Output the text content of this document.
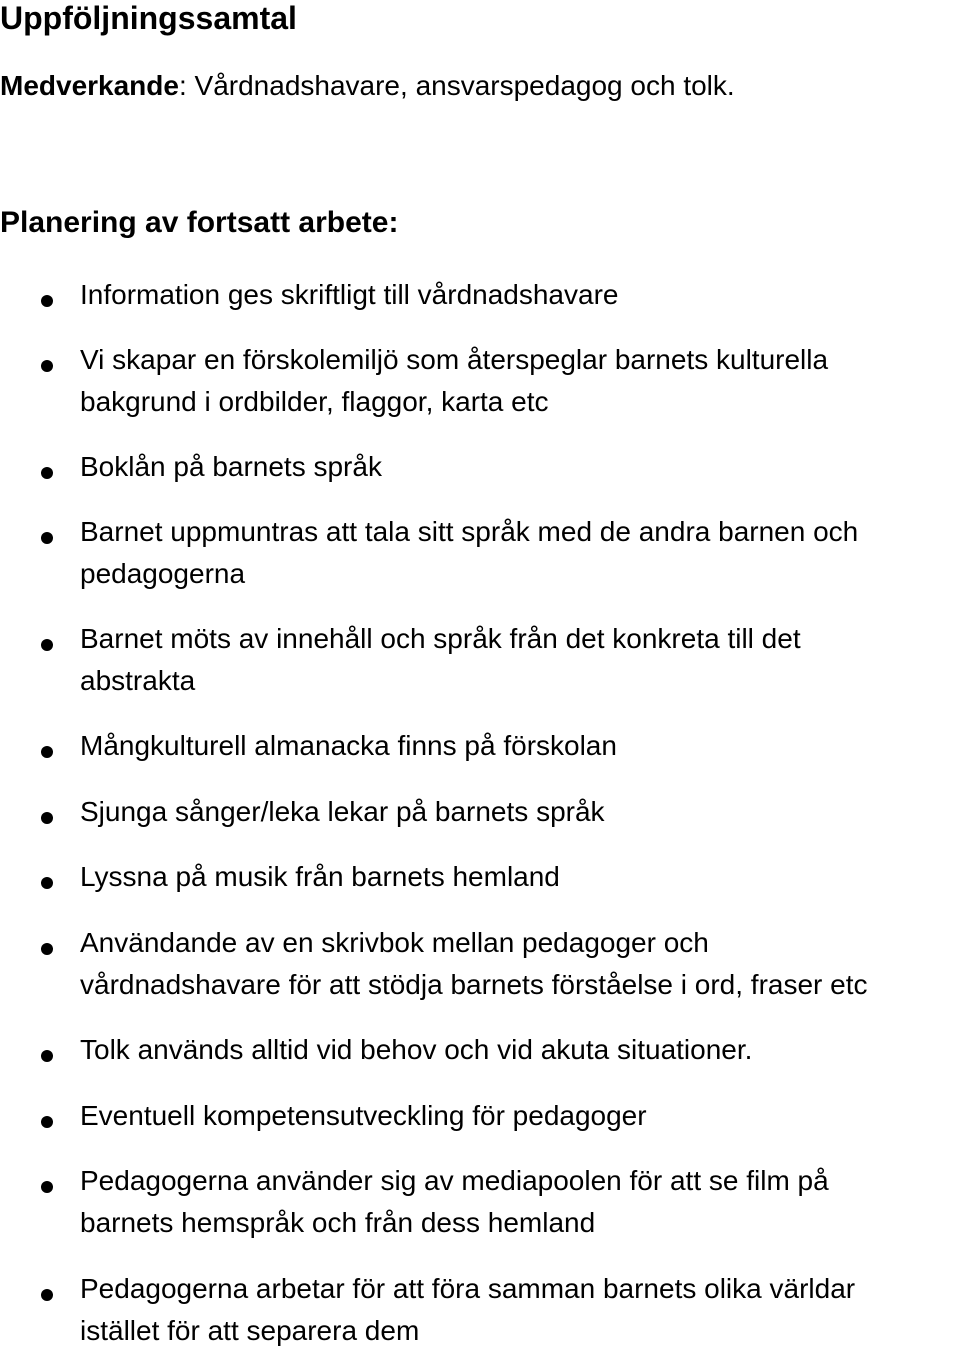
Uppföljningssamtal

Medverkande: Vårdnadshavare, ansvarspedagog och tolk.

Planering av fortsatt arbete:
Information ges skriftligt till vårdnadshavare
Vi skapar en förskolemiljö som återspeglar barnets kulturella
bakgrund i ordbilder, flaggor, karta etc
Boklån på barnets språk
Barnet uppmuntras att tala sitt språk med de andra barnen och
pedagogerna
Barnet möts av innehåll och språk från det konkreta till det
abstrakta
Mångkulturell almanacka finns på förskolan
Sjunga sånger/leka lekar på barnets språk
Lyssna på musik från barnets hemland
Användande av en skrivbok mellan pedagoger och
vårdnadshavare för att stödja barnets förståelse i ord, fraser etc
Tolk används alltid vid behov och vid akuta situationer.
Eventuell kompetensutveckling för pedagoger
Pedagogerna använder sig av mediapoolen för att se film på
barnets hemspråk och från dess hemland
Pedagogerna arbetar för att föra samman barnets olika världar
istället för att separera dem
